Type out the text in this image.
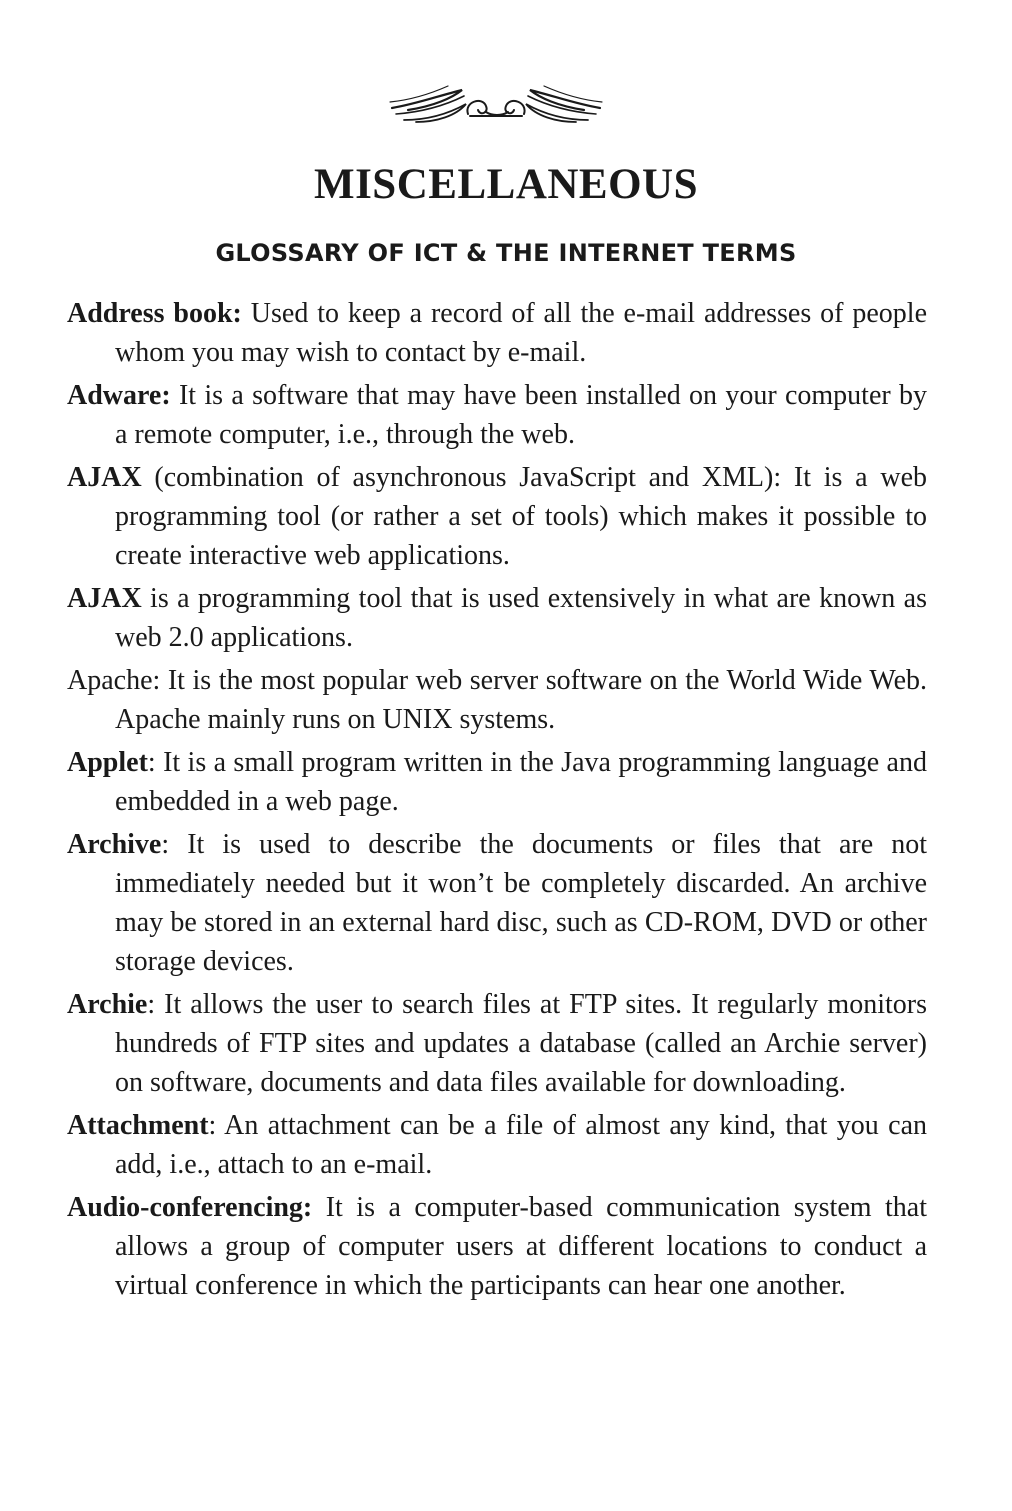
MISCELLANEOUS
GLOSSARY OF ICT & THE INTERNET TERMS

Address book: Used to keep a record of all the e-mail addresses of people whom you may wish to contact by e-mail.

Adware: It is a software that may have been installed on your computer by a remote computer, i.e., through the web.

AJAX (combination of asynchronous JavaScript and XML): It is a web programming tool (or rather a set of tools) which makes it possible to create interactive web applications.

AJAX is a programming tool that is used extensively in what are known as web 2.0 applications.

Apache: It is the most popular web server software on the World Wide Web. Apache mainly runs on UNIX systems.

Applet: It is a small program written in the Java programming language and embedded in a web page.

Archive: It is used to describe the documents or files that are not immediately needed but it won’t be completely discarded. An archive may be stored in an external hard disc, such as CD-ROM, DVD or other storage devices.

Archie: It allows the user to search files at FTP sites. It regularly monitors hundreds of FTP sites and updates a database (called an Archie server) on software, documents and data files available for downloading.

Attachment: An attachment can be a file of almost any kind, that you can add, i.e., attach to an e-mail.

Audio-conferencing: It is a computer-based communication system that allows a group of computer users at different locations to conduct a virtual conference in which the participants can hear one another.
